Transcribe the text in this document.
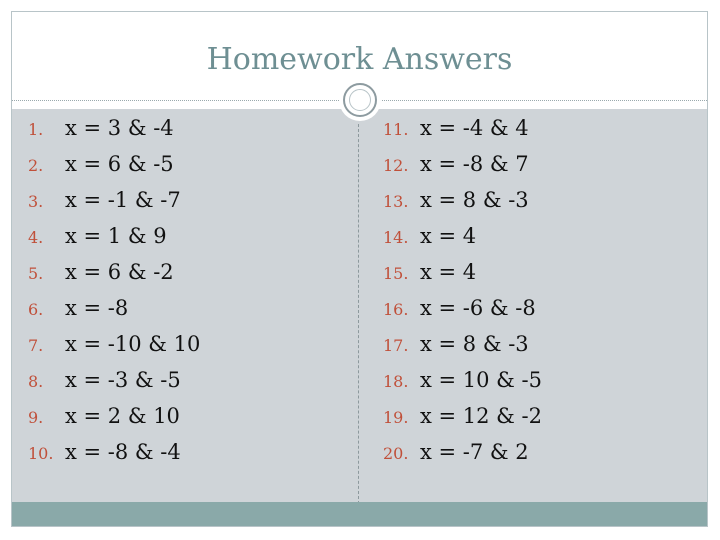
Homework Answers
1. x = 3 & -4
2. x = 6 & -5
3. x = -1 & -7
4. x = 1 & 9
5. x = 6 & -2
6. x = -8
7. x = -10 & 10
8. x = -3 & -5
9. x = 2 & 10
10. x = -8 & -4
11. x = -4 & 4
12. x = -8 & 7
13. x = 8 & -3
14. x = 4
15. x = 4
16. x = -6 & -8
17. x = 8 & -3
18. x = 10 & -5
19. x = 12 & -2
20. x = -7 & 2
